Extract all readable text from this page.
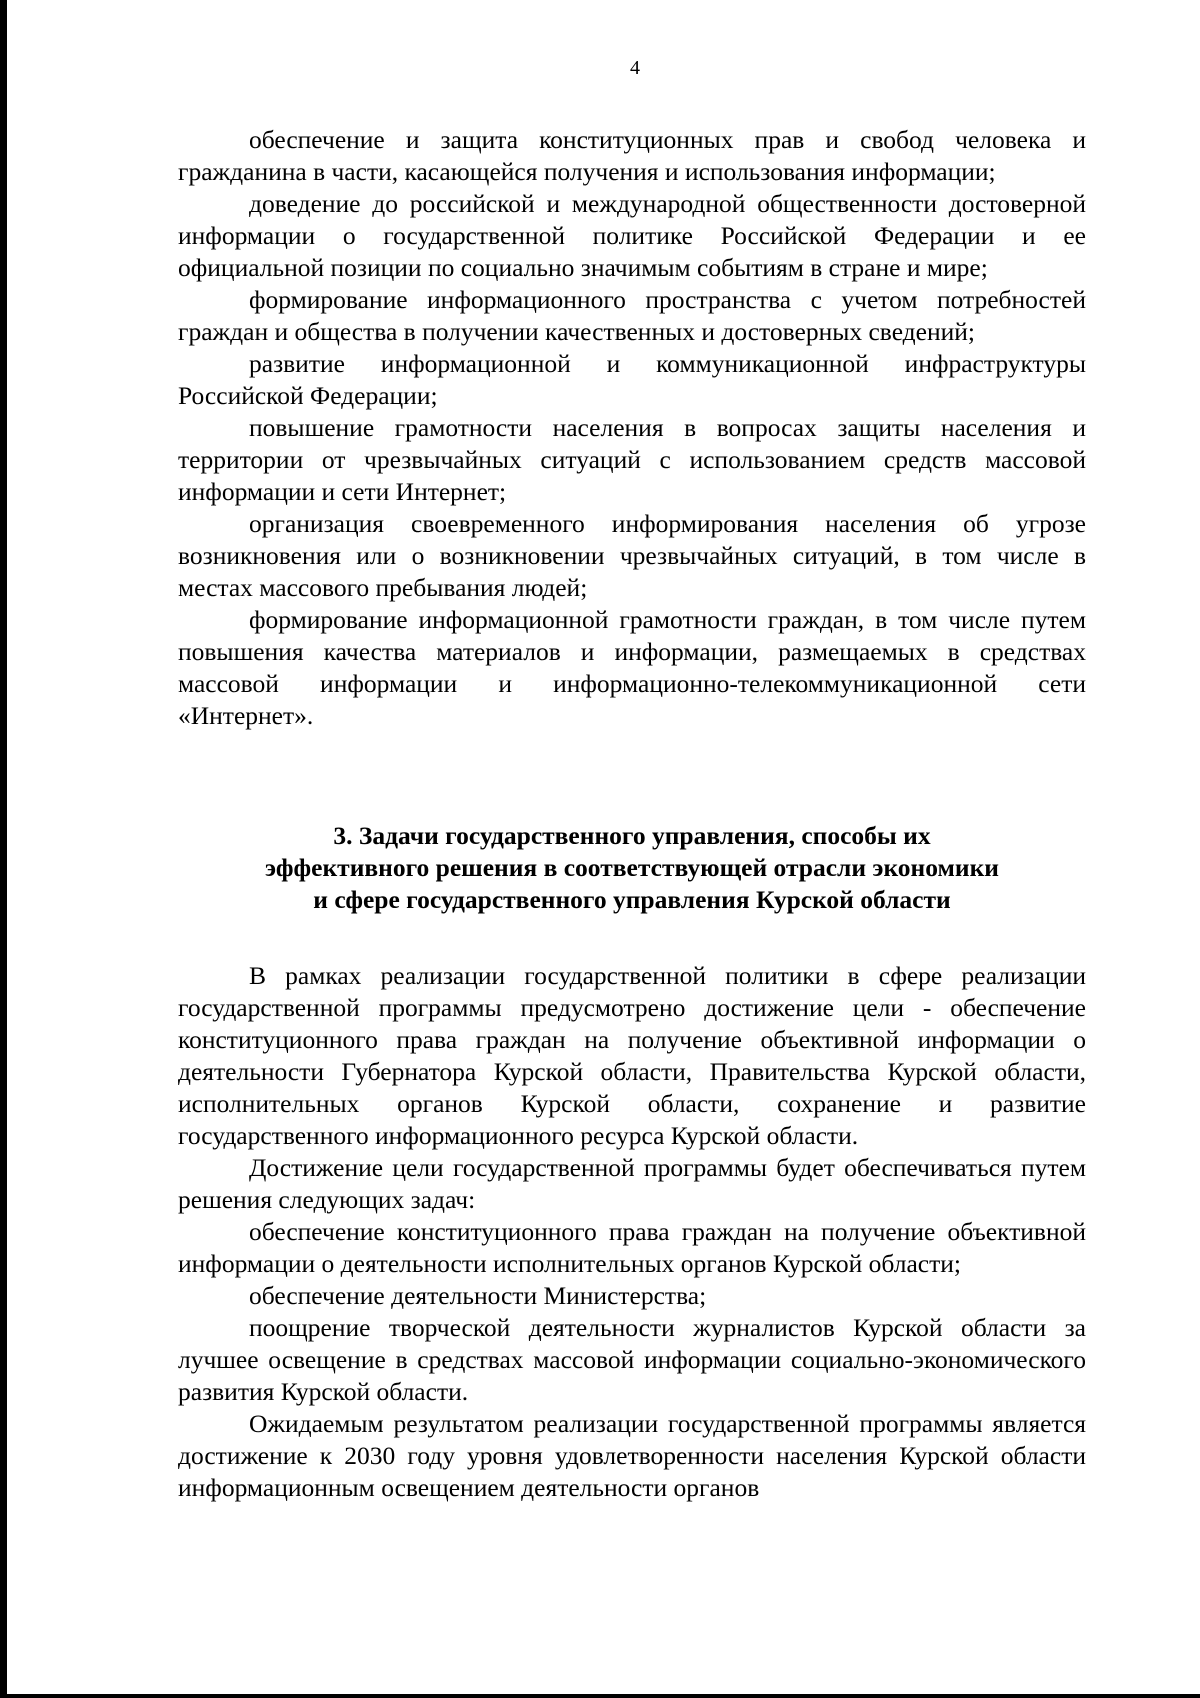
4

обеспечение и защита конституционных прав и свобод человека и гражданина в части, касающейся получения и использования информации;

доведение до российской и международной общественности достоверной информации о государственной политике Российской Федерации и ее официальной позиции по социально значимым событиям в стране и мире;

формирование информационного пространства с учетом потребностей граждан и общества в получении качественных и достоверных сведений;

развитие информационной и коммуникационной инфраструктуры Российской Федерации;

повышение грамотности населения в вопросах защиты населения и территории от чрезвычайных ситуаций с использованием средств массовой информации и сети Интернет;

организация своевременного информирования населения об угрозе возникновения или о возникновении чрезвычайных ситуаций, в том числе в местах массового пребывания людей;

формирование информационной грамотности граждан, в том числе путем повышения качества материалов и информации, размещаемых в средствах массовой информации и информационно-телекоммуникационной сети «Интернет».

3. Задачи государственного управления, способы их
эффективного решения в соответствующей отрасли экономики
и сфере государственного управления Курской области

В рамках реализации государственной политики в сфере реализации государственной программы предусмотрено достижение цели - обеспечение конституционного права граждан на получение объективной информации о деятельности Губернатора Курской области, Правительства Курской области, исполнительных органов Курской области, сохранение и развитие государственного информационного ресурса Курской области.

Достижение цели государственной программы будет обеспечиваться путем решения следующих задач:

обеспечение конституционного права граждан на получение объективной информации о деятельности исполнительных органов Курской области;

обеспечение деятельности Министерства;

поощрение творческой деятельности журналистов Курской области за лучшее освещение в средствах массовой информации социально-экономического развития Курской области.

Ожидаемым результатом реализации государственной программы является достижение к 2030 году уровня удовлетворенности населения Курской области информационным освещением деятельности органов
